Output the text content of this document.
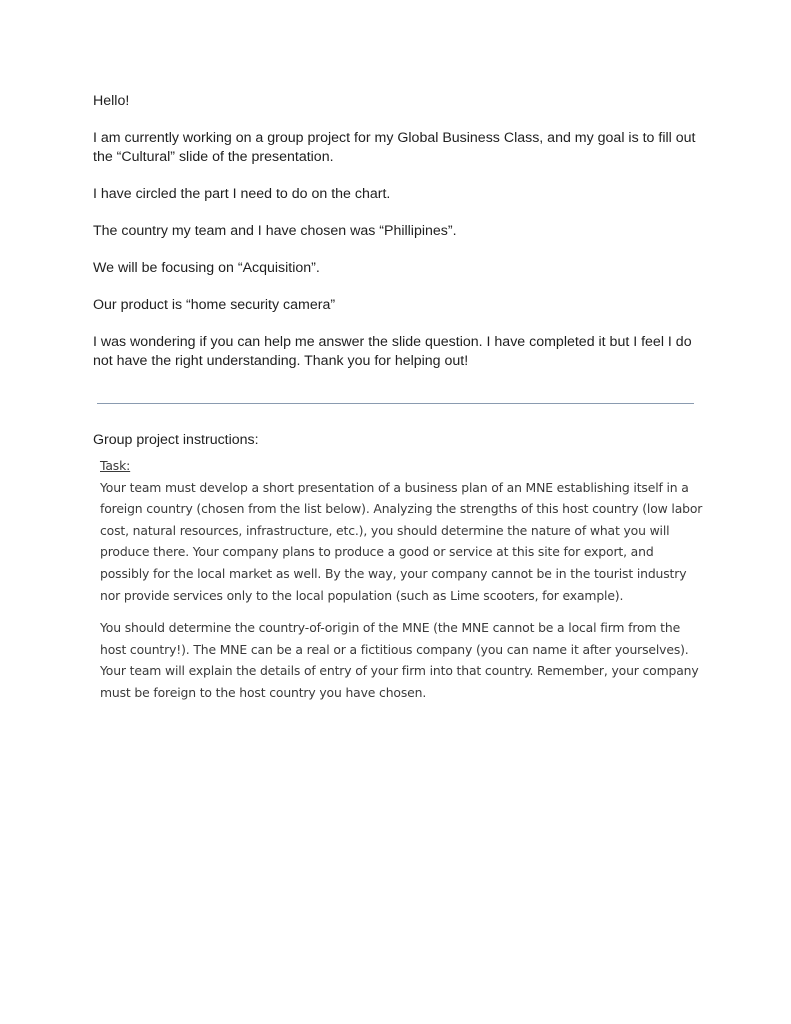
Hello!

I am currently working on a group project for my Global Business Class, and my goal is to fill out the “Cultural” slide of the presentation.

I have circled the part I need to do on the chart.

The country my team and I have chosen was “Phillipines”.

We will be focusing on “Acquisition”.

Our product is “home security camera”

I was wondering if you can help me answer the slide question. I have completed it but I feel I do not have the right understanding. Thank you for helping out!

Group project instructions:

Task:

Your team must develop a short presentation of a business plan of an MNE establishing itself in a foreign country (chosen from the list below). Analyzing the strengths of this host country (low labor cost, natural resources, infrastructure, etc.), you should determine the nature of what you will produce there. Your company plans to produce a good or service at this site for export, and possibly for the local market as well. By the way, your company cannot be in the tourist industry nor provide services only to the local population (such as Lime scooters, for example).

You should determine the country-of-origin of the MNE (the MNE cannot be a local firm from the host country!). The MNE can be a real or a fictitious company (you can name it after yourselves). Your team will explain the details of entry of your firm into that country. Remember, your company must be foreign to the host country you have chosen.
